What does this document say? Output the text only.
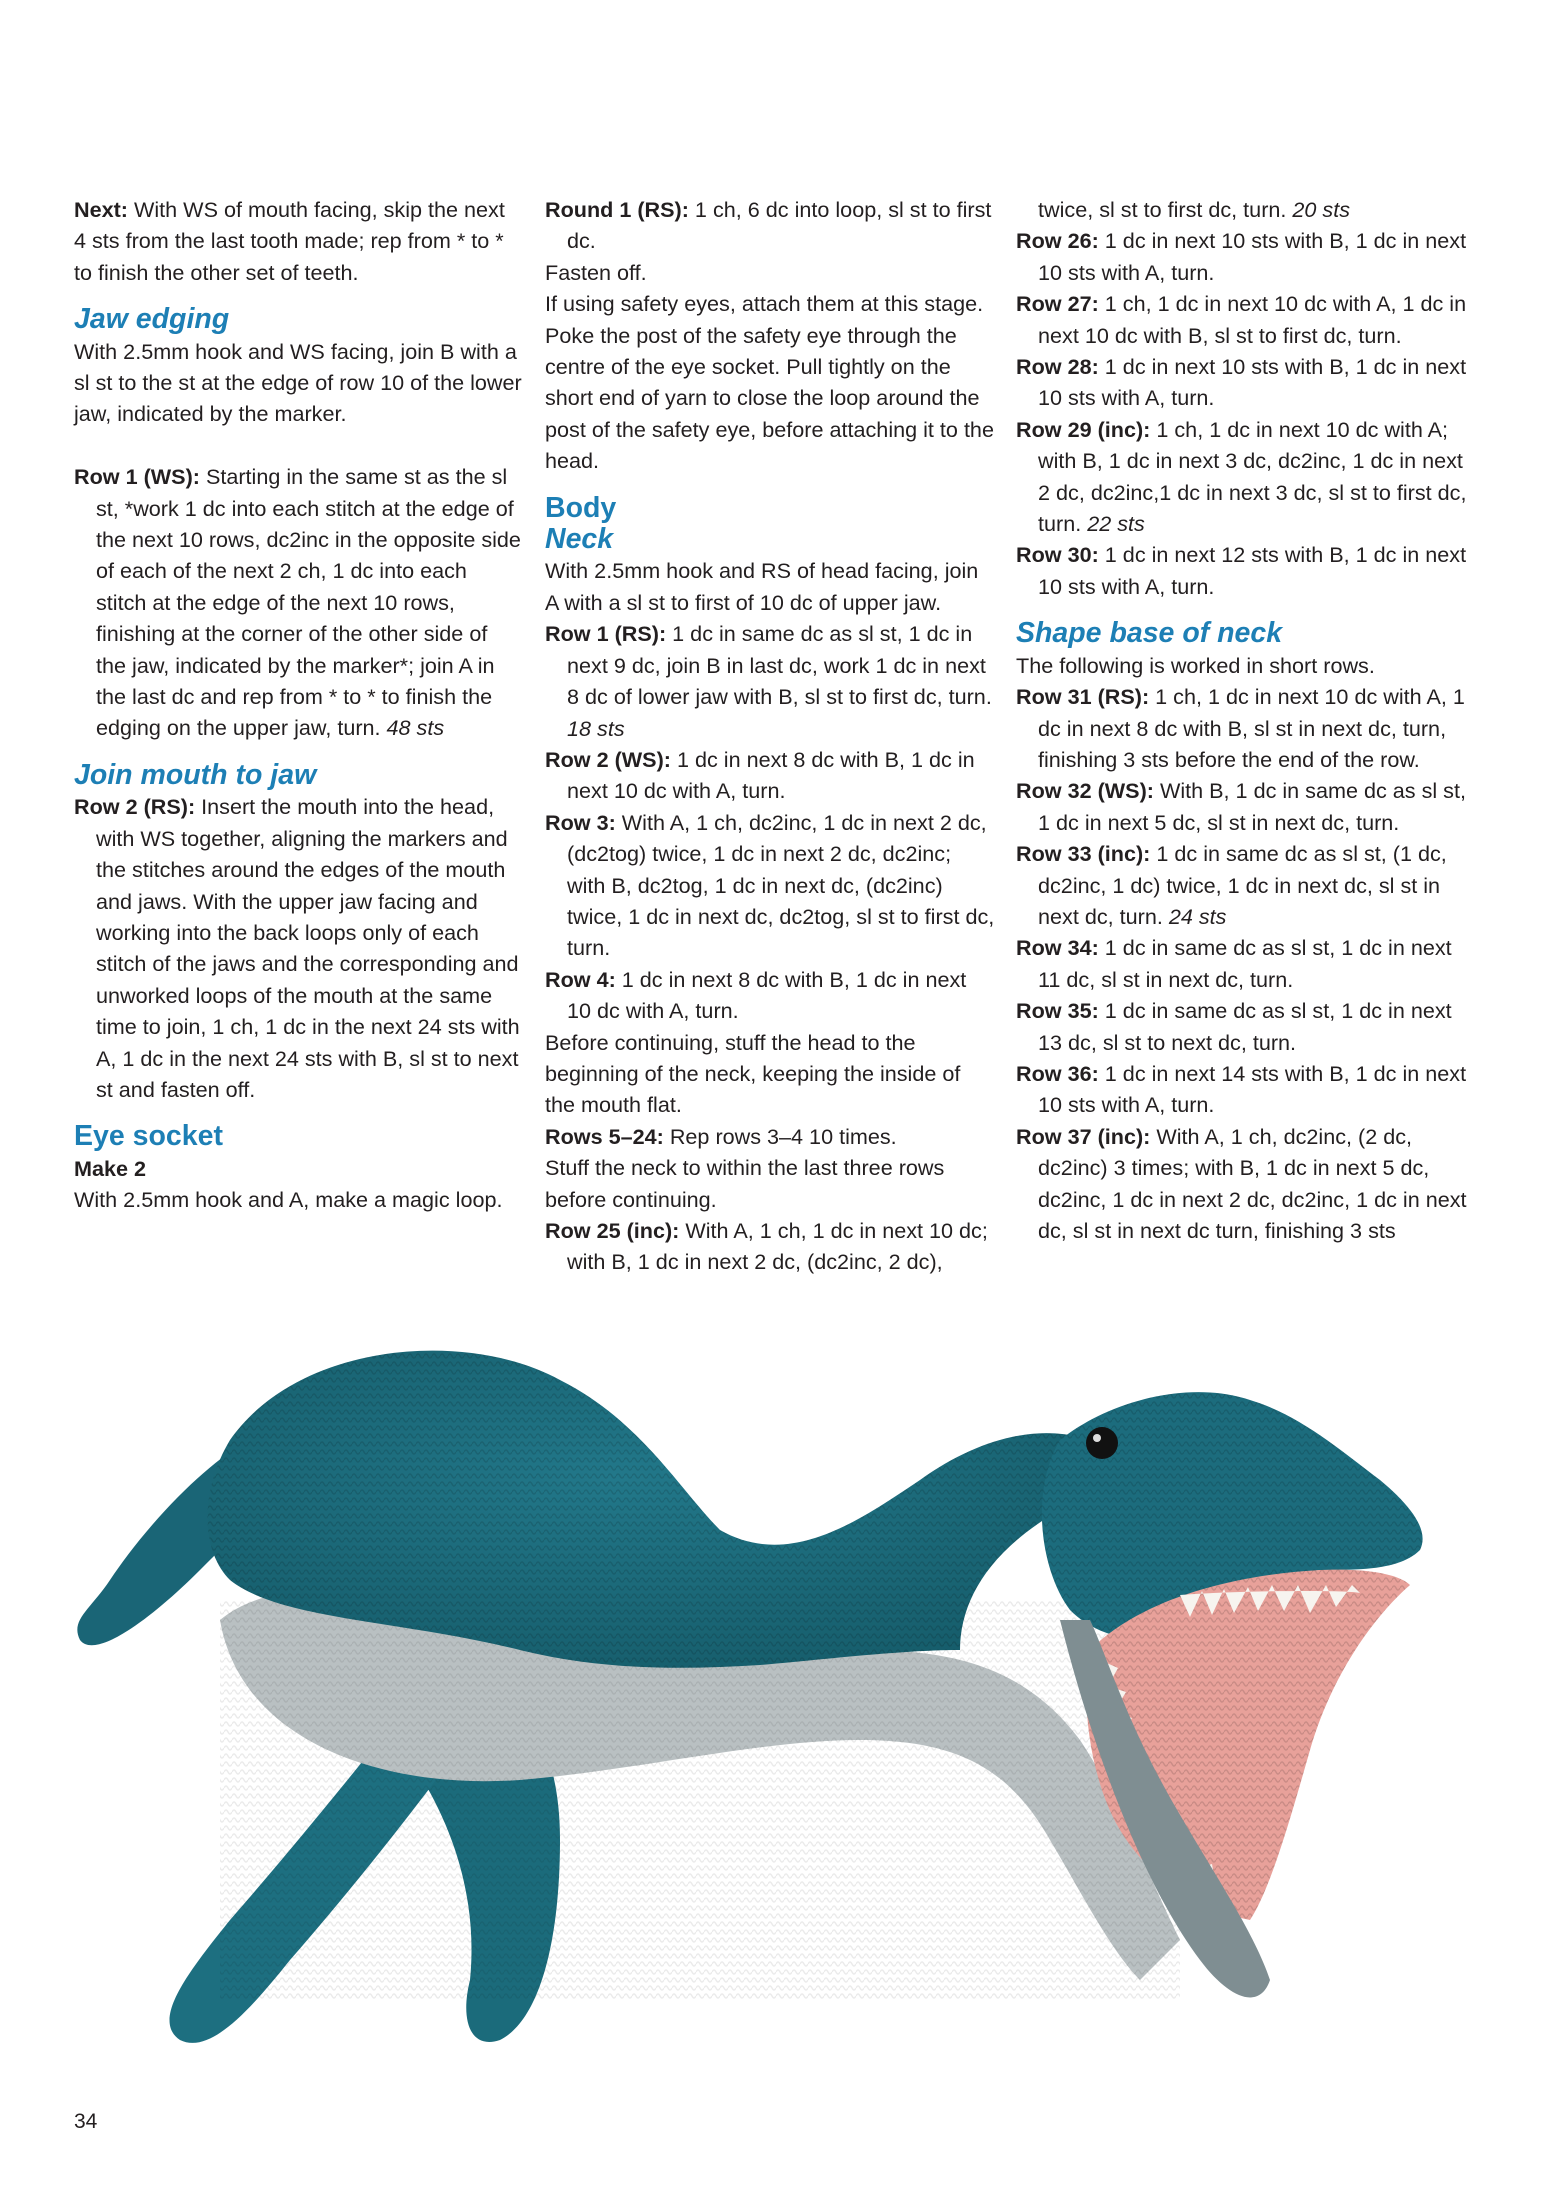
Next: With WS of mouth facing, skip the next 4 sts from the last tooth made; rep from * to * to finish the other set of teeth.

Jaw edging

With 2.5mm hook and WS facing, join B with a sl st to the st at the edge of row 10 of the lower jaw, indicated by the marker.

Row 1 (WS): Starting in the same st as the sl st, *work 1 dc into each stitch at the edge of the next 10 rows, dc2inc in the opposite side of each of the next 2 ch, 1 dc into each stitch at the edge of the next 10 rows, finishing at the corner of the other side of the jaw, indicated by the marker*; join A in the last dc and rep from * to * to finish the edging on the upper jaw, turn. 48 sts

Join mouth to jaw

Row 2 (RS): Insert the mouth into the head, with WS together, aligning the markers and the stitches around the edges of the mouth and jaws. With the upper jaw facing and working into the back loops only of each stitch of the jaws and the corresponding and unworked loops of the mouth at the same time to join, 1 ch, 1 dc in the next 24 sts with A, 1 dc in the next 24 sts with B, sl st to next st and fasten off.

Eye socket

Make 2

With 2.5mm hook and A, make a magic loop.

Round 1 (RS): 1 ch, 6 dc into loop, sl st to first dc.

Fasten off.

If using safety eyes, attach them at this stage. Poke the post of the safety eye through the centre of the eye socket. Pull tightly on the short end of yarn to close the loop around the post of the safety eye, before attaching it to the head.

Body
Neck

With 2.5mm hook and RS of head facing, join A with a sl st to first of 10 dc of upper jaw.

Row 1 (RS): 1 dc in same dc as sl st, 1 dc in next 9 dc, join B in last dc, work 1 dc in next 8 dc of lower jaw with B, sl st to first dc, turn. 18 sts

Row 2 (WS): 1 dc in next 8 dc with B, 1 dc in next 10 dc with A, turn.

Row 3: With A, 1 ch, dc2inc, 1 dc in next 2 dc, (dc2tog) twice, 1 dc in next 2 dc, dc2inc; with B, dc2tog, 1 dc in next dc, (dc2inc) twice, 1 dc in next dc, dc2tog, sl st to first dc, turn.

Row 4: 1 dc in next 8 dc with B, 1 dc in next 10 dc with A, turn.

Before continuing, stuff the head to the beginning of the neck, keeping the inside of the mouth flat.

Rows 5–24: Rep rows 3–4 10 times.

Stuff the neck to within the last three rows before continuing.

Row 25 (inc): With A, 1 ch, 1 dc in next 10 dc; with B, 1 dc in next 2 dc, (dc2inc, 2 dc),

twice, sl st to first dc, turn. 20 sts

Row 26: 1 dc in next 10 sts with B, 1 dc in next 10 sts with A, turn.

Row 27: 1 ch, 1 dc in next 10 dc with A, 1 dc in next 10 dc with B, sl st to first dc, turn.

Row 28: 1 dc in next 10 sts with B, 1 dc in next 10 sts with A, turn.

Row 29 (inc): 1 ch, 1 dc in next 10 dc with A; with B, 1 dc in next 3 dc, dc2inc, 1 dc in next 2 dc, dc2inc,1 dc in next 3 dc, sl st to first dc, turn. 22 sts

Row 30: 1 dc in next 12 sts with B, 1 dc in next 10 sts with A, turn.

Shape base of neck

The following is worked in short rows.

Row 31 (RS): 1 ch, 1 dc in next 10 dc with A, 1 dc in next 8 dc with B, sl st in next dc, turn, finishing 3 sts before the end of the row.

Row 32 (WS): With B, 1 dc in same dc as sl st, 1 dc in next 5 dc, sl st in next dc, turn.

Row 33 (inc): 1 dc in same dc as sl st, (1 dc, dc2inc, 1 dc) twice, 1 dc in next dc, sl st in next dc, turn. 24 sts

Row 34: 1 dc in same dc as sl st, 1 dc in next 11 dc, sl st in next dc, turn.

Row 35: 1 dc in same dc as sl st, 1 dc in next 13 dc, sl st to next dc, turn.

Row 36: 1 dc in next 14 sts with B, 1 dc in next 10 sts with A, turn.

Row 37 (inc): With A, 1 ch, dc2inc, (2 dc, dc2inc) 3 times; with B, 1 dc in next 5 dc, dc2inc, 1 dc in next 2 dc, dc2inc, 1 dc in next dc, sl st in next dc turn, finishing 3 sts

34
